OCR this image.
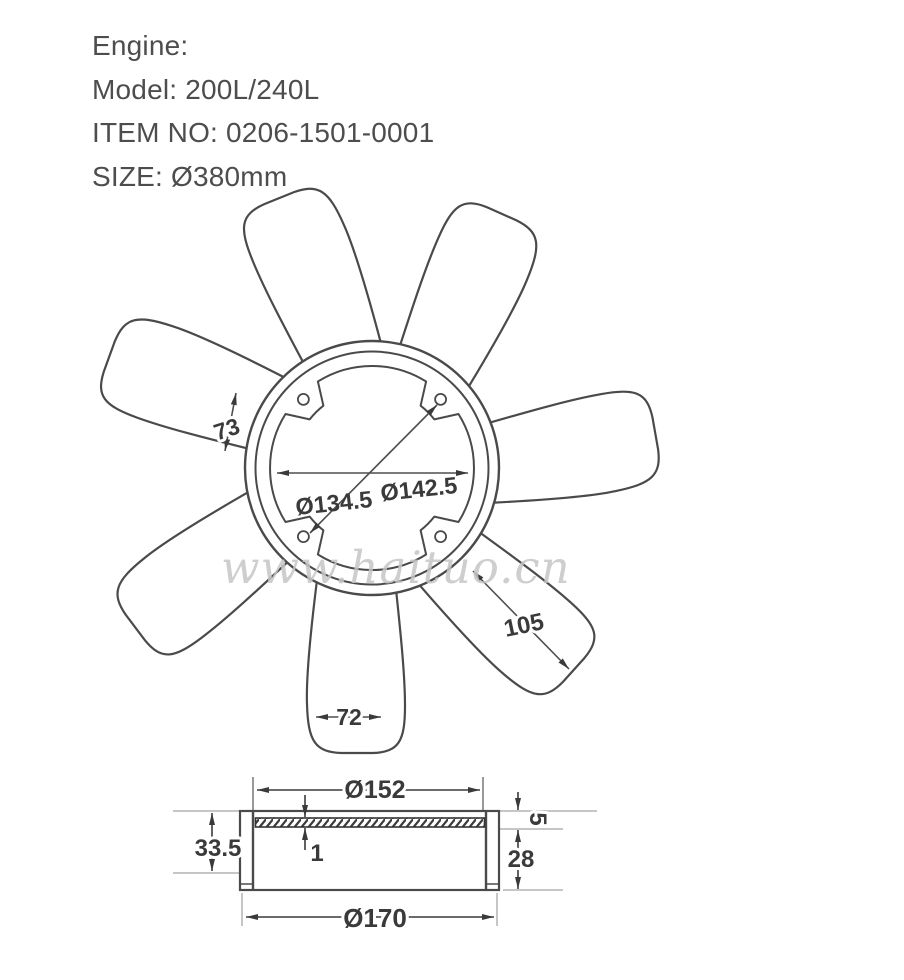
Engine:
Model: 200L/240L
ITEM NO: 0206-1501-0001
SIZE: Ø380mm
73
Ø134.5 Ø142.5
105
72
Ø152
33.5	1
5
28
Ø170
www.haituo.cn
